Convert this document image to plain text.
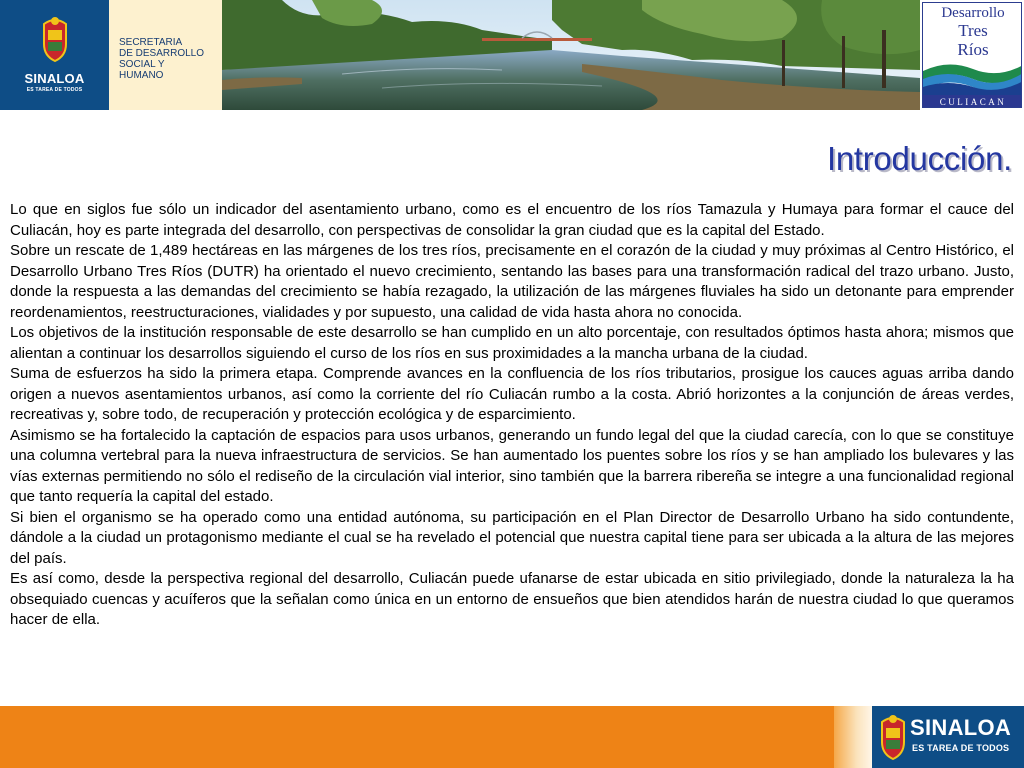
SINALOA
ES TAREA DE TODOS
SECRETARIA
DE DESARROLLO
SOCIAL Y
HUMANO
Desarrollo
Tres
Ríos
CULIACAN
Introducción.

Lo que en siglos fue sólo un indicador del asentamiento urbano, como es el encuentro de los ríos Tamazula y Humaya para formar el cauce del Culiacán, hoy es parte integrada del desarrollo, con perspectivas de consolidar la gran ciudad que es la capital del Estado.

Sobre un rescate de 1,489 hectáreas en las márgenes de los tres ríos, precisamente en el corazón de la ciudad y muy próximas al Centro Histórico, el Desarrollo Urbano Tres Ríos (DUTR) ha orientado el nuevo crecimiento, sentando las bases para una transformación radical del trazo urbano. Justo, donde la respuesta a las demandas del crecimiento se había rezagado, la utilización de las márgenes fluviales ha sido un detonante para emprender reordenamientos, reestructuraciones, vialidades y por supuesto, una calidad de vida hasta ahora no conocida.

Los objetivos de la institución responsable de este desarrollo se han cumplido en un alto porcentaje, con resultados óptimos hasta ahora; mismos que alientan a continuar los desarrollos siguiendo el curso de los ríos en sus proximidades a la mancha urbana de la ciudad.

Suma de esfuerzos ha sido la primera etapa. Comprende avances en la confluencia de los ríos tributarios, prosigue los cauces aguas arriba dando origen a nuevos asentamientos urbanos, así como la corriente del río Culiacán rumbo a la costa. Abrió horizontes a la conjunción de áreas verdes, recreativas y, sobre todo, de recuperación y protección ecológica y de esparcimiento.

Asimismo se ha fortalecido la captación de espacios para usos urbanos, generando un fundo legal del que la ciudad carecía, con lo que se constituye una columna vertebral para la nueva infraestructura de servicios. Se han aumentado los puentes sobre los ríos y se han ampliado los bulevares y las vías externas permitiendo no sólo el rediseño de la circulación vial interior, sino también que la barrera ribereña se integre a una funcionalidad regional que tanto requería la capital del estado.

Si bien el organismo se ha operado como una entidad autónoma, su participación en el Plan Director de Desarrollo Urbano ha sido contundente, dándole a la ciudad un protagonismo mediante el cual se ha revelado el potencial que nuestra capital tiene para ser ubicada a la altura de las mejores del país.

Es así como, desde la perspectiva regional del desarrollo, Culiacán puede ufanarse de estar ubicada en sitio privilegiado, donde la naturaleza la ha obsequiado cuencas y acuíferos que la señalan como única en un entorno de ensueños que bien atendidos harán de nuestra ciudad lo que queramos hacer de ella.

SINALOA
ES TAREA DE TODOS
